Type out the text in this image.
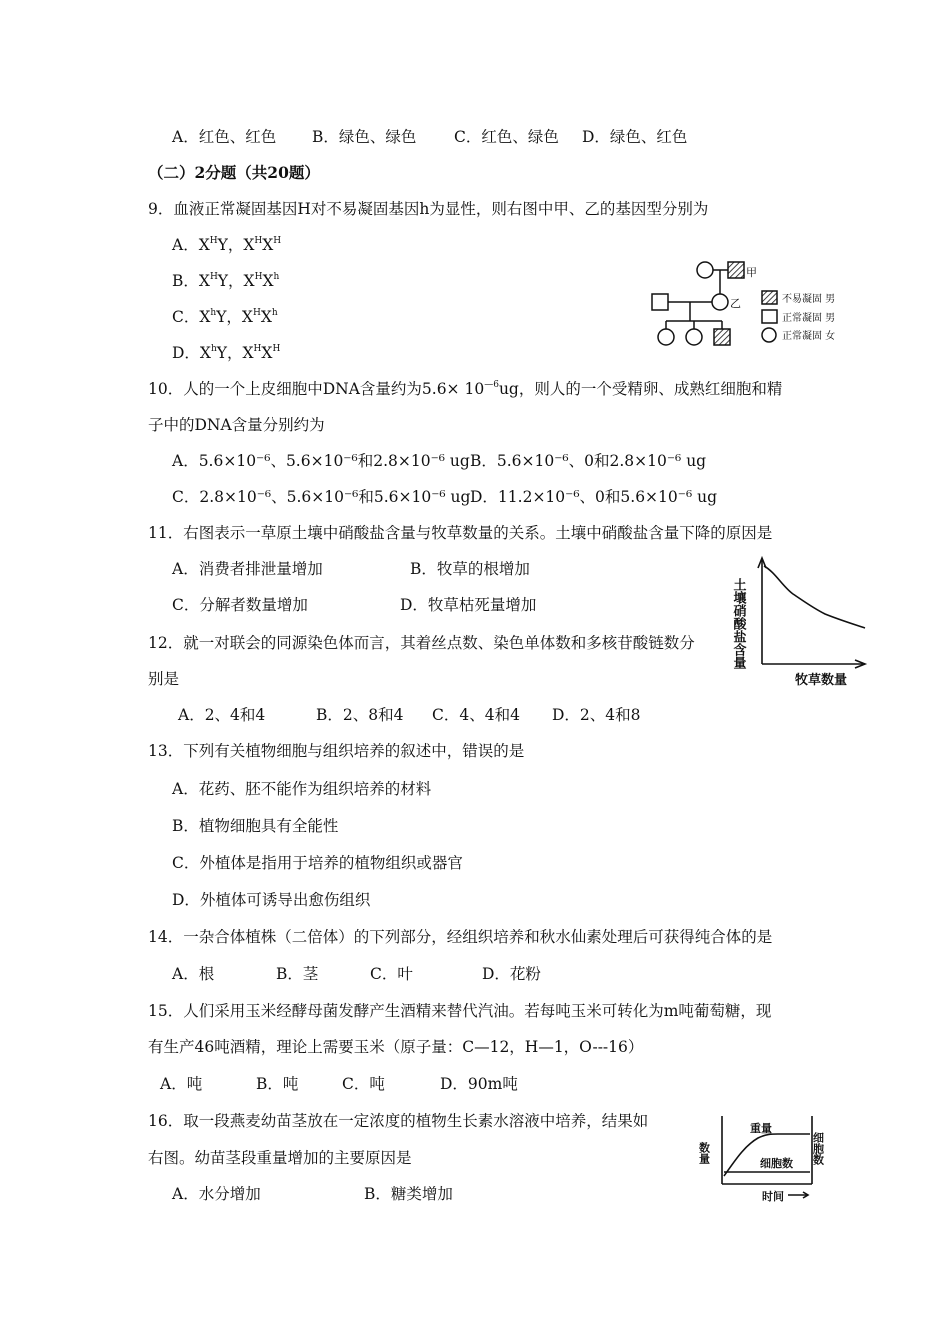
A．红色、红色 B．绿色、绿色 C．红色、绿色 D．绿色、红色
（二）2分题（共20题）
9．血液正常凝固基因H对不易凝固基因h为显性，则右图中甲、乙的基因型分别为
A．$X^HY$，$X^HX^H$
B．$X^HY$，$X^HX^h$
C．$X^hY$，$X^HX^h$
D．$X^hY$，$X^HX^H$
甲
乙	不易凝固 男
正常凝固 男
正常凝固 女
10．人的一个上皮细胞中DNA含量约为$5.6\times 10^{—6}ug$，则人的一个受精卵、成熟红细胞和精
子中的DNA含量分别约为
A．5.6×10⁻⁶、5.6×10⁻⁶和2.8×10⁻⁶ ugB．5.6×10⁻⁶、0和2.8×10⁻⁶ ug
C．2.8×10⁻⁶、5.6×10⁻⁶和5.6×10⁻⁶ ugD．11.2×10⁻⁶、0和5.6×10⁻⁶ ug
11．右图表示一草原土壤中硝酸盐含量与牧草数量的关系。土壤中硝酸盐含量下降的原因是
A．消费者排泄量增加	B．牧草的根增加
C．分解者数量增加	D．牧草枯死量增加	土壤硝酸盐含量
牧草数量
12．就一对联会的同源染色体而言，其着丝点数、染色单体数和多核苷酸链数分
别是
A．2、4和4	B．2、8和4 C．4、4和4 D．2、4和8
13．下列有关植物细胞与组织培养的叙述中，错误的是
A．花药、胚不能作为组织培养的材料
B．植物细胞具有全能性
C．外植体是指用于培养的植物组织或器官
D．外植体可诱导出愈伤组织
14．一杂合体植株（二倍体）的下列部分，经组织培养和秋水仙素处理后可获得纯合体的是
A．根	B．茎	C．叶	D．花粉
15．人们采用玉米经酵母菌发酵产生酒精来替代汽油。若每吨玉米可转化为m吨葡萄糖，现
有生产46吨酒精，理论上需要玉米（原子量：C—12，H—1，O---16）
A．吨	B．吨	C．吨	D．90m吨
16．取一段燕麦幼苗茎放在一定浓度的植物生长素水溶液中培养，结果如
右图。幼苗茎段重量增加的主要原因是
A．水分增加	B．糖类增加
重量
细胞数
时间
数量	细胞数
